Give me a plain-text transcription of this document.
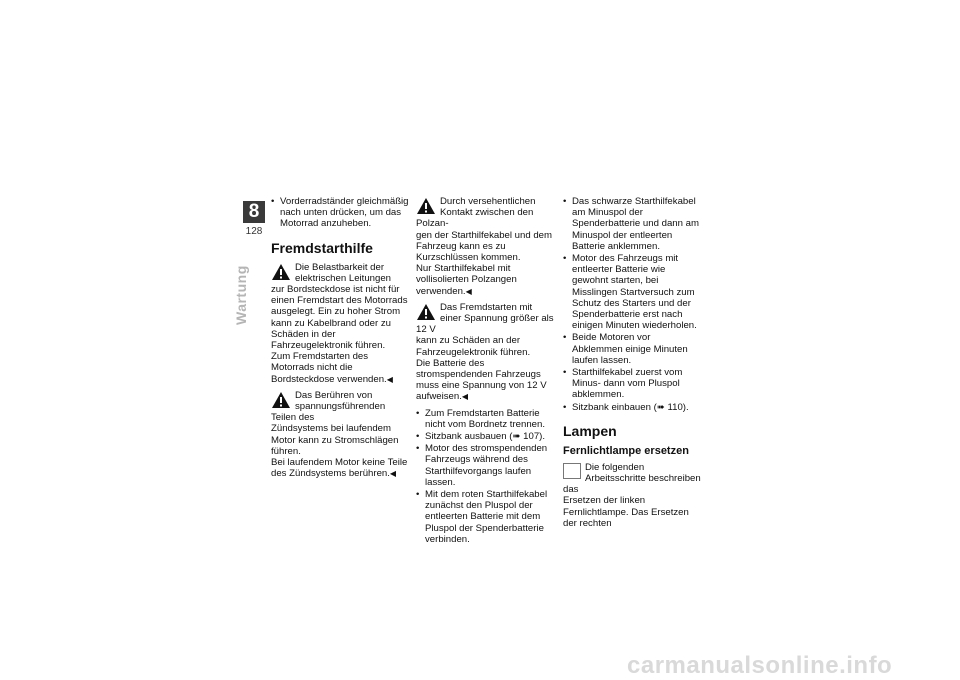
8
128
Wartung
• Vorderradständer gleichmäßig nach unten drücken, um das Motorrad anzuheben.
Fremdstarthilfe

Die Belastbarkeit der elektrischen Leitungen

zur Bordsteckdose ist nicht für einen Fremdstart des Motorrads ausgelegt. Ein zu hoher Strom kann zu Kabelbrand oder zu Schäden in der Fahrzeugelektronik führen.

Zum Fremdstarten des Motorrads nicht die Bordsteckdose verwenden.◀

Das Berühren von spannungsführenden Teilen des

Zündsystems bei laufendem Motor kann zu Stromschlägen führen.

Bei laufendem Motor keine Teile des Zündsystems berühren.◀

Durch versehentlichen Kontakt zwischen den Polzan-

gen der Starthilfekabel und dem Fahrzeug kann es zu Kurzschlüssen kommen.

Nur Starthilfekabel mit vollisolierten Polzangen verwenden.◀

Das Fremdstarten mit einer Spannung größer als 12 V

kann zu Schäden an der Fahrzeugelektronik führen.

Die Batterie des stromspendenden Fahrzeugs muss eine Spannung von 12 V aufweisen.◀

• Zum Fremdstarten Batterie nicht vom Bordnetz trennen.
• Sitzbank ausbauen (➠ 107).
• Motor des stromspendenden Fahrzeugs während des Starthilfevorgangs laufen lassen.
• Mit dem roten Starthilfekabel zunächst den Pluspol der entleerten Batterie mit dem Pluspol der Spenderbatterie verbinden.
• Das schwarze Starthilfekabel am Minuspol der Spenderbatterie und dann am Minuspol der entleerten Batterie anklemmen.
• Motor des Fahrzeugs mit entleerter Batterie wie gewohnt starten, bei Misslingen Startversuch zum Schutz des Starters und der Spenderbatterie erst nach einigen Minuten wiederholen.
• Beide Motoren vor Abklemmen einige Minuten laufen lassen.
• Starthilfekabel zuerst vom Minus- dann vom Pluspol abklemmen.
• Sitzbank einbauen (➠ 110).
Lampen
Fernlichtlampe ersetzen

Die folgenden Arbeitsschritte beschreiben das

Ersetzen der linken Fernlichtlampe. Das Ersetzen der rechten

carmanualsonline.info
